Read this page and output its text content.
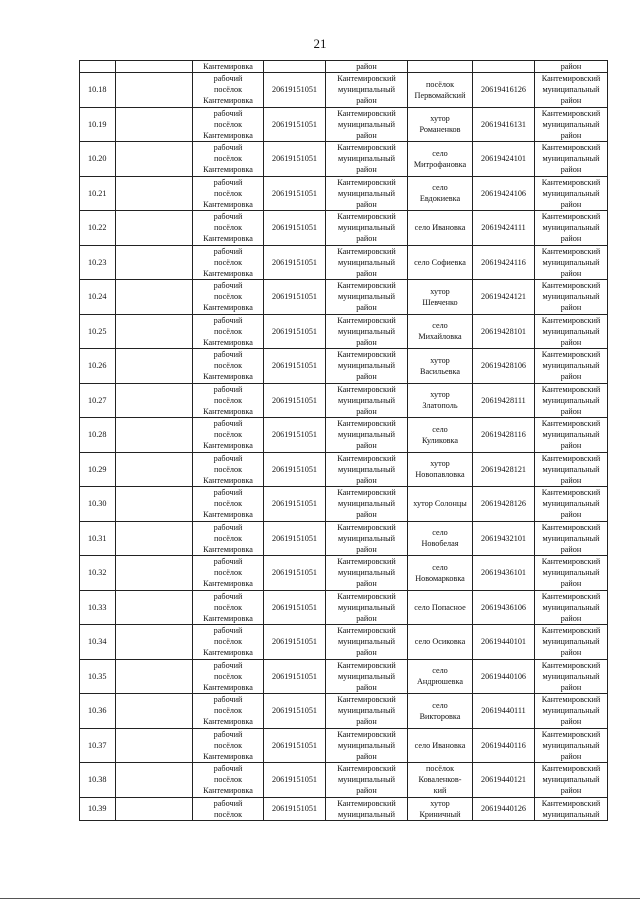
21
		Кантемировка		район			район
10.18		рабочий
посёлок
Кантемировка	20619151051	Кантемировский
муниципальный
район	посёлок
Первомайский	20619416126	Кантемировский
муниципальный
район

10.19		рабочий
посёлок
Кантемировка	20619151051	Кантемировский
муниципальный
район	хутор
Романенков	20619416131	Кантемировский
муниципальный
район

10.20		рабочий
посёлок
Кантемировка	20619151051	Кантемировский
муниципальный
район	село
Митрофановка	20619424101	Кантемировский
муниципальный
район

10.21		рабочий
посёлок
Кантемировка	20619151051	Кантемировский
муниципальный
район	село
Евдокиевка	20619424106	Кантемировский
муниципальный
район

10.22		рабочий
посёлок
Кантемировка	20619151051	Кантемировский
муниципальный
район	село Ивановка	20619424111	Кантемировский
муниципальный
район

10.23		рабочий
посёлок
Кантемировка	20619151051	Кантемировский
муниципальный
район	село Софиевка	20619424116	Кантемировский
муниципальный
район

10.24		рабочий
посёлок
Кантемировка	20619151051	Кантемировский
муниципальный
район	хутор
Шевченко	20619424121	Кантемировский
муниципальный
район

10.25		рабочий
посёлок
Кантемировка	20619151051	Кантемировский
муниципальный
район	село
Михайловка	20619428101	Кантемировский
муниципальный
район

10.26		рабочий
посёлок
Кантемировка	20619151051	Кантемировский
муниципальный
район	хутор
Васильевка	20619428106	Кантемировский
муниципальный
район

10.27		рабочий
посёлок
Кантемировка	20619151051	Кантемировский
муниципальный
район	хутор
Златополь	20619428111	Кантемировский
муниципальный
район

10.28		рабочий
посёлок
Кантемировка	20619151051	Кантемировский
муниципальный
район	село
Куликовка	20619428116	Кантемировский
муниципальный
район

10.29		рабочий
посёлок
Кантемировка	20619151051	Кантемировский
муниципальный
район	хутор
Новопавловка	20619428121	Кантемировский
муниципальный
район

10.30		рабочий
посёлок
Кантемировка	20619151051	Кантемировский
муниципальный
район	хутор Солонцы	20619428126	Кантемировский
муниципальный
район

10.31		рабочий
посёлок
Кантемировка	20619151051	Кантемировский
муниципальный
район	село
Новобелая	20619432101	Кантемировский
муниципальный
район

10.32		рабочий
посёлок
Кантемировка	20619151051	Кантемировский
муниципальный
район	село
Новомарковка	20619436101	Кантемировский
муниципальный
район

10.33		рабочий
посёлок
Кантемировка	20619151051	Кантемировский
муниципальный
район	село Попасное	20619436106	Кантемировский
муниципальный
район

10.34		рабочий
посёлок
Кантемировка	20619151051	Кантемировский
муниципальный
район	село Осиковка	20619440101	Кантемировский
муниципальный
район

10.35		рабочий
посёлок
Кантемировка	20619151051	Кантемировский
муниципальный
район	село
Андрюшевка	20619440106	Кантемировский
муниципальный
район

10.36		рабочий
посёлок
Кантемировка	20619151051	Кантемировский
муниципальный
район	село
Викторовка	20619440111	Кантемировский
муниципальный
район

10.37		рабочий
посёлок
Кантемировка	20619151051	Кантемировский
муниципальный
район	село Ивановка	20619440116	Кантемировский
муниципальный
район

10.38		рабочий
посёлок
Кантемировка	20619151051	Кантемировский
муниципальный
район	посёлок
Коваленков-
кий	20619440121	Кантемировский
муниципальный
район

10.39		рабочий
посёлок	20619151051	Кантемировский
муниципальный	хутор
Криничный	20619440126	Кантемировский
муниципальный
